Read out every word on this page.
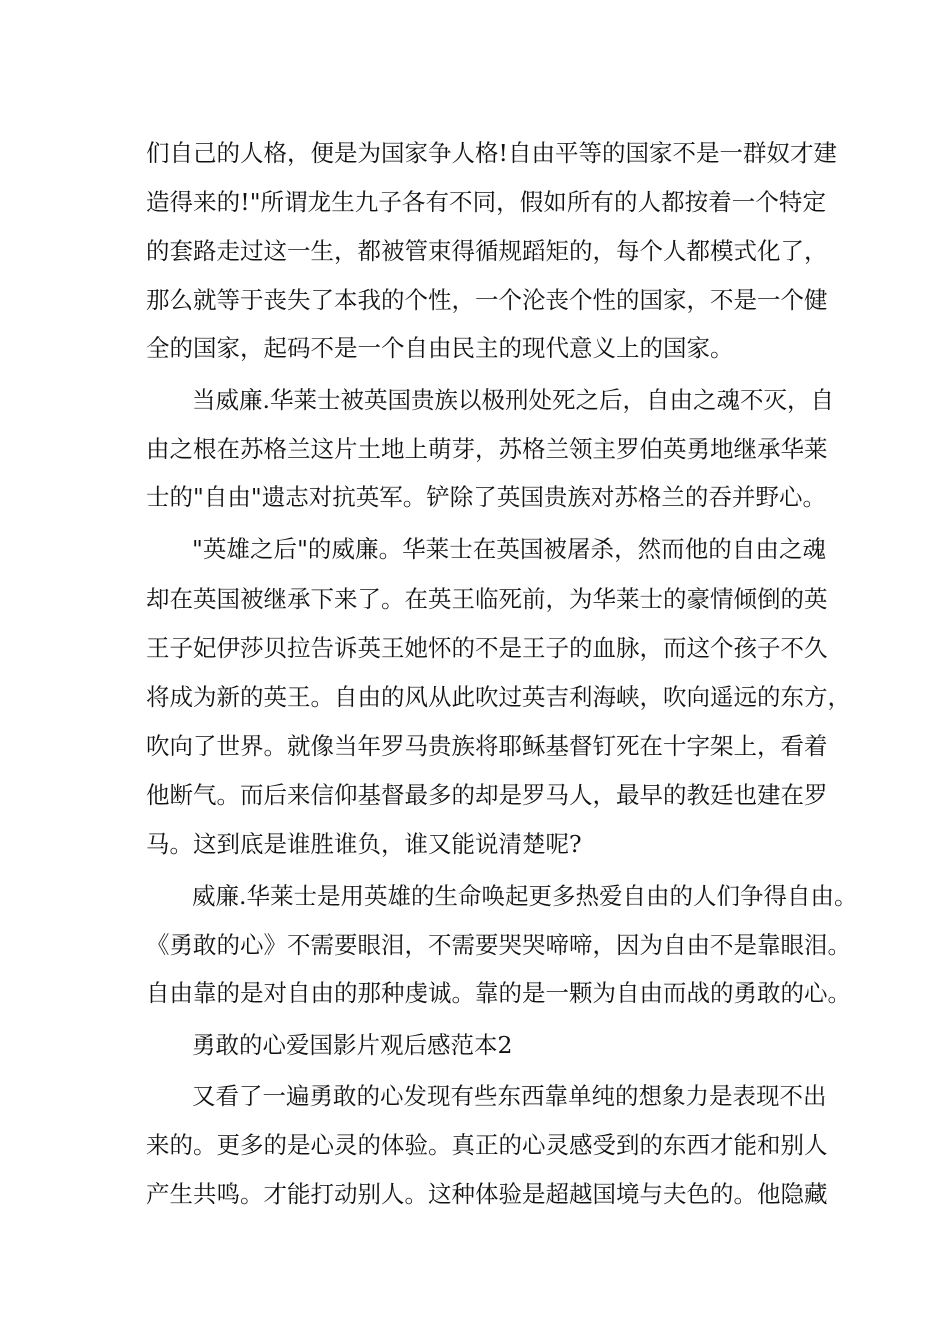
们自己的人格，便是为国家争人格!自由平等的国家不是一群奴才建
造得来的!"所谓龙生九子各有不同，假如所有的人都按着一个特定
的套路走过这一生，都被管束得循规蹈矩的，每个人都模式化了，
那么就等于丧失了本我的个性，一个沦丧个性的国家，不是一个健
全的国家，起码不是一个自由民主的现代意义上的国家。
当威廉.华莱士被英国贵族以极刑处死之后，自由之魂不灭，自
由之根在苏格兰这片土地上萌芽，苏格兰领主罗伯英勇地继承华莱
士的"自由"遗志对抗英军。铲除了英国贵族对苏格兰的吞并野心。
"英雄之后"的威廉。华莱士在英国被屠杀，然而他的自由之魂
却在英国被继承下来了。在英王临死前，为华莱士的豪情倾倒的英
王子妃伊莎贝拉告诉英王她怀的不是王子的血脉，而这个孩子不久
将成为新的英王。自由的风从此吹过英吉利海峡，吹向遥远的东方，
吹向了世界。就像当年罗马贵族将耶稣基督钉死在十字架上，看着
他断气。而后来信仰基督最多的却是罗马人，最早的教廷也建在罗
马。这到底是谁胜谁负，谁又能说清楚呢?
威廉.华莱士是用英雄的生命唤起更多热爱自由的人们争得自由。
《勇敢的心》不需要眼泪，不需要哭哭啼啼，因为自由不是靠眼泪。
自由靠的是对自由的那种虔诚。靠的是一颗为自由而战的勇敢的心。
勇敢的心爱国影片观后感范本2
又看了一遍勇敢的心发现有些东西靠单纯的想象力是表现不出
来的。更多的是心灵的体验。真正的心灵感受到的东西才能和别人
产生共鸣。才能打动别人。这种体验是超越国境与夫色的。他隐藏
